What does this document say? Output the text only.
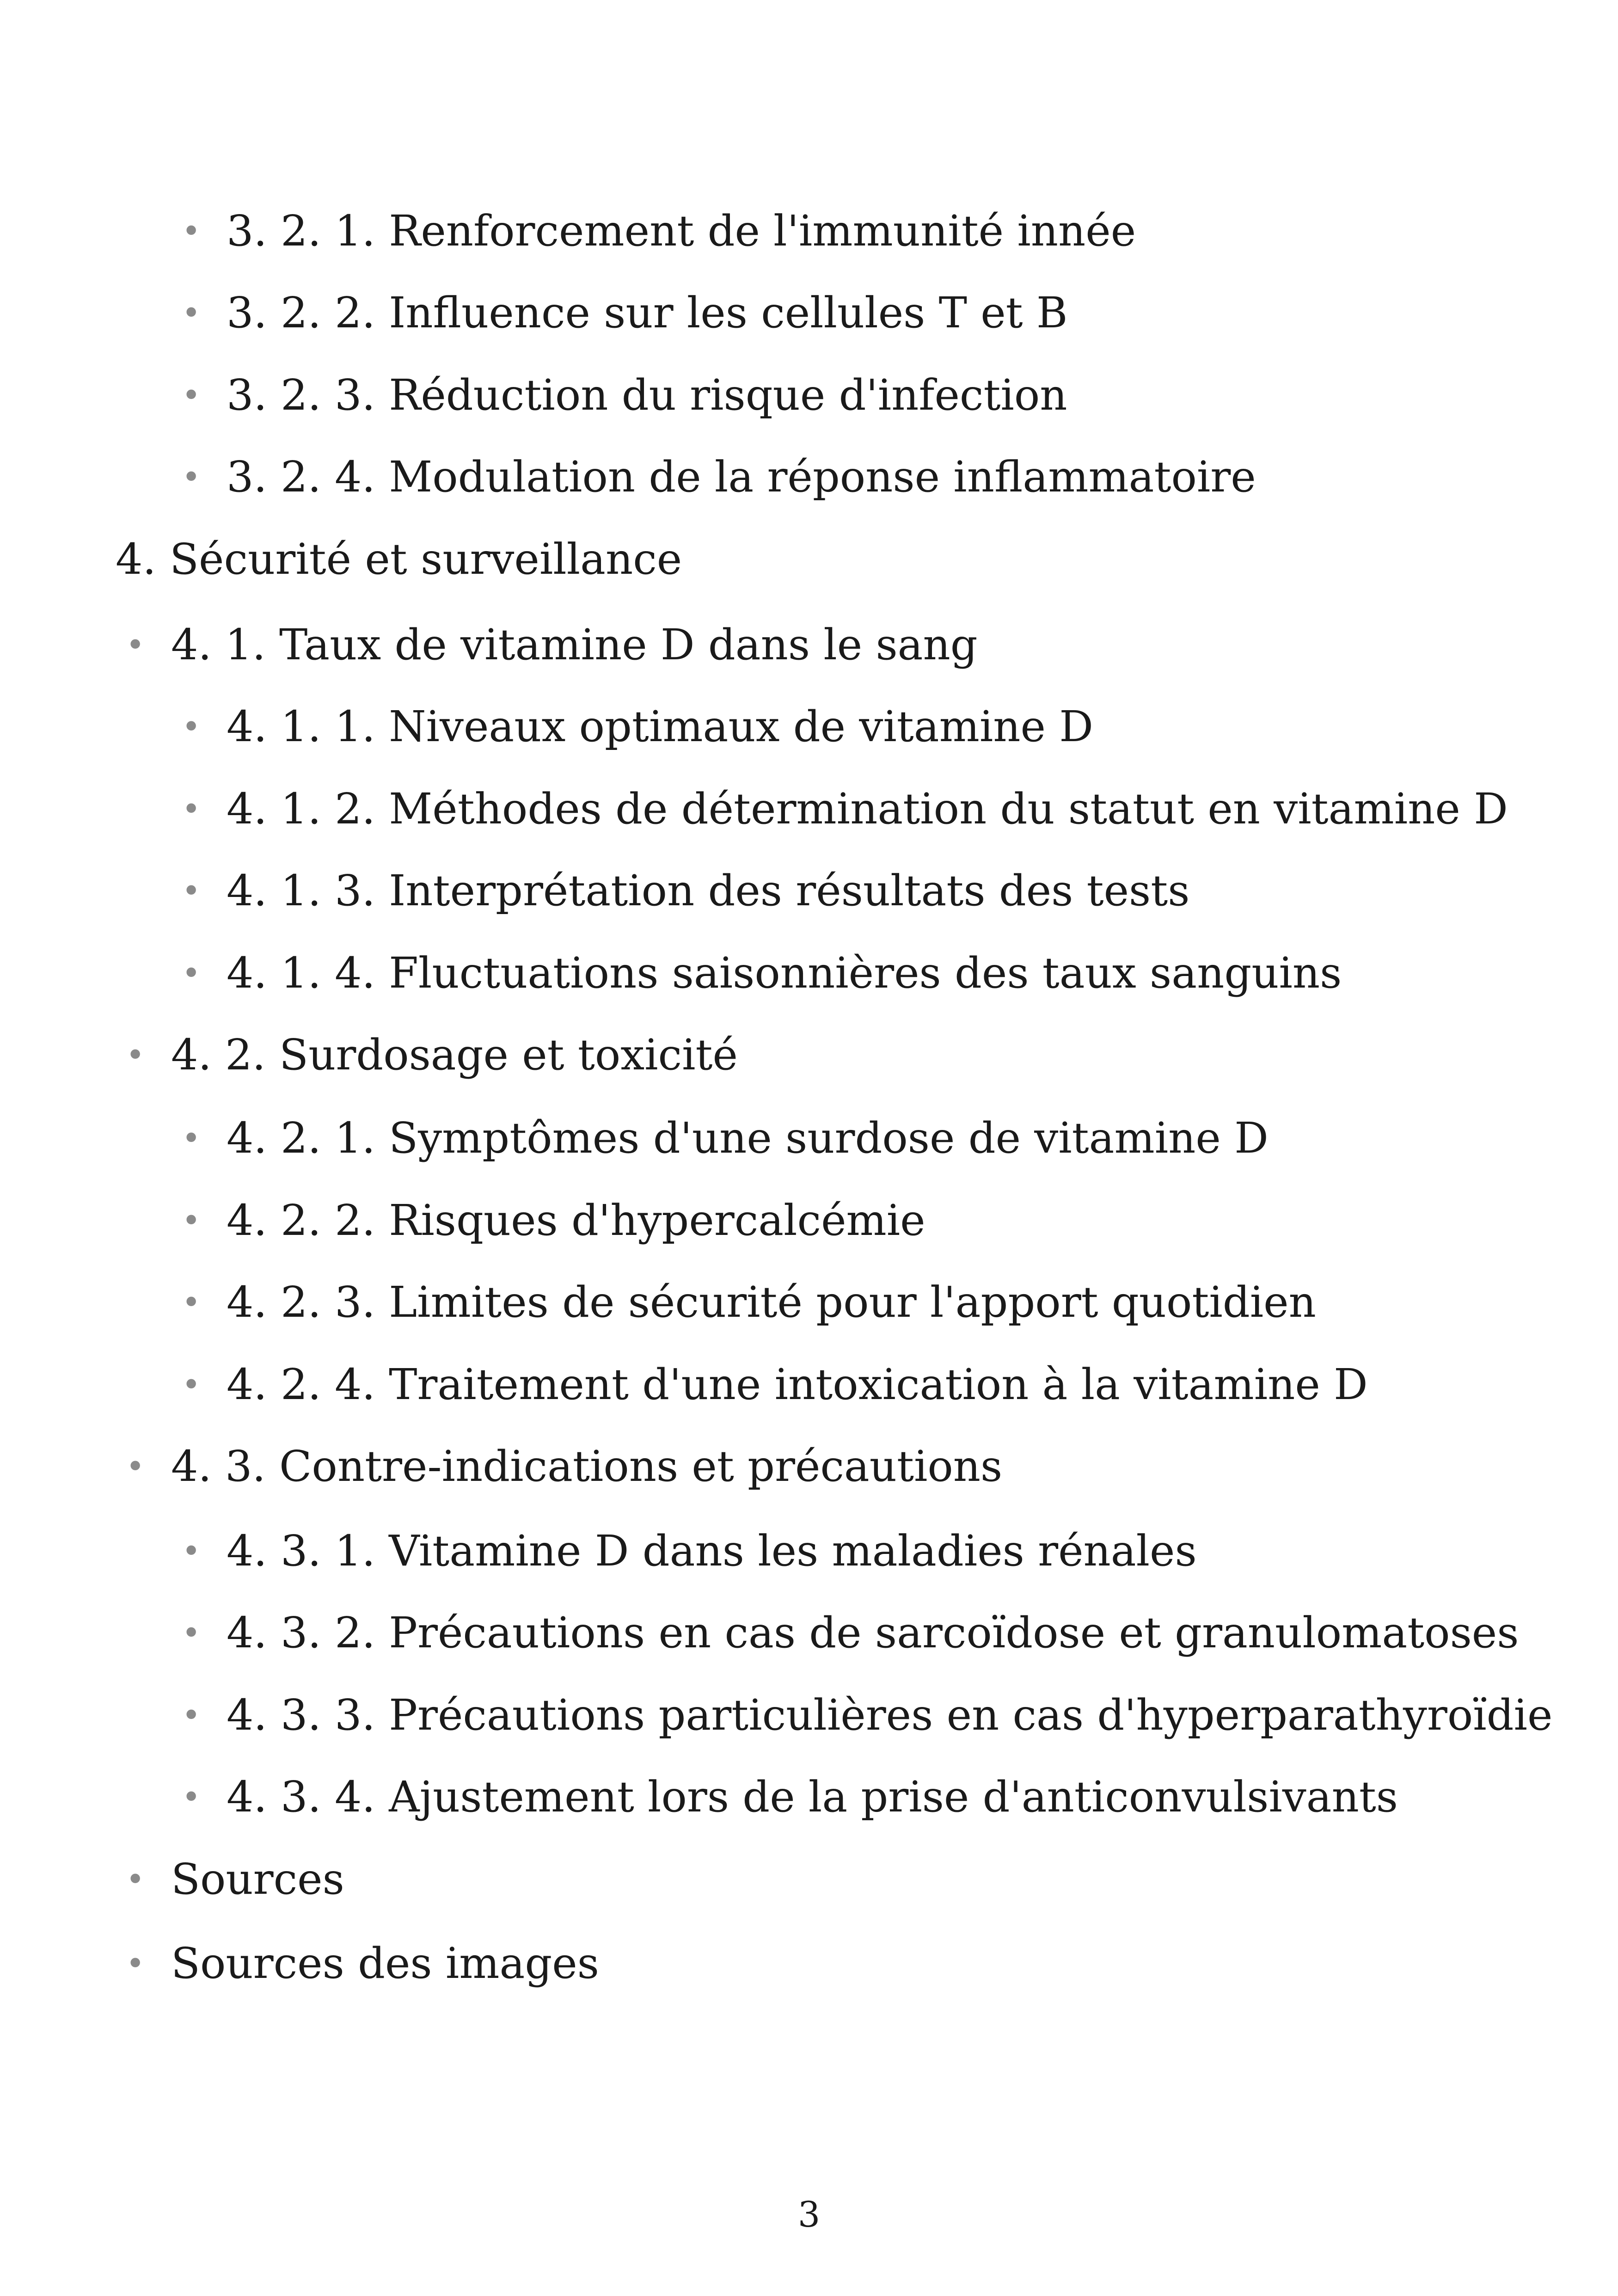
• 3. 2. 1. Renforcement de l'immunité innée
• 3. 2. 2. Influence sur les cellules T et B
• 3. 2. 3. Réduction du risque d'infection
• 3. 2. 4. Modulation de la réponse inflammatoire
4. Sécurité et surveillance
• 4. 1. Taux de vitamine D dans le sang
• 4. 1. 1. Niveaux optimaux de vitamine D
• 4. 1. 2. Méthodes de détermination du statut en vitamine D
• 4. 1. 3. Interprétation des résultats des tests
• 4. 1. 4. Fluctuations saisonnières des taux sanguins
• 4. 2. Surdosage et toxicité
• 4. 2. 1. Symptômes d'une surdose de vitamine D
• 4. 2. 2. Risques d'hypercalcémie
• 4. 2. 3. Limites de sécurité pour l'apport quotidien
• 4. 2. 4. Traitement d'une intoxication à la vitamine D
• 4. 3. Contre-indications et précautions
• 4. 3. 1. Vitamine D dans les maladies rénales
• 4. 3. 2. Précautions en cas de sarcoïdose et granulomatoses
• 4. 3. 3. Précautions particulières en cas d'hyperparathyroïdie
• 4. 3. 4. Ajustement lors de la prise d'anticonvulsivants
• Sources
• Sources des images
3
